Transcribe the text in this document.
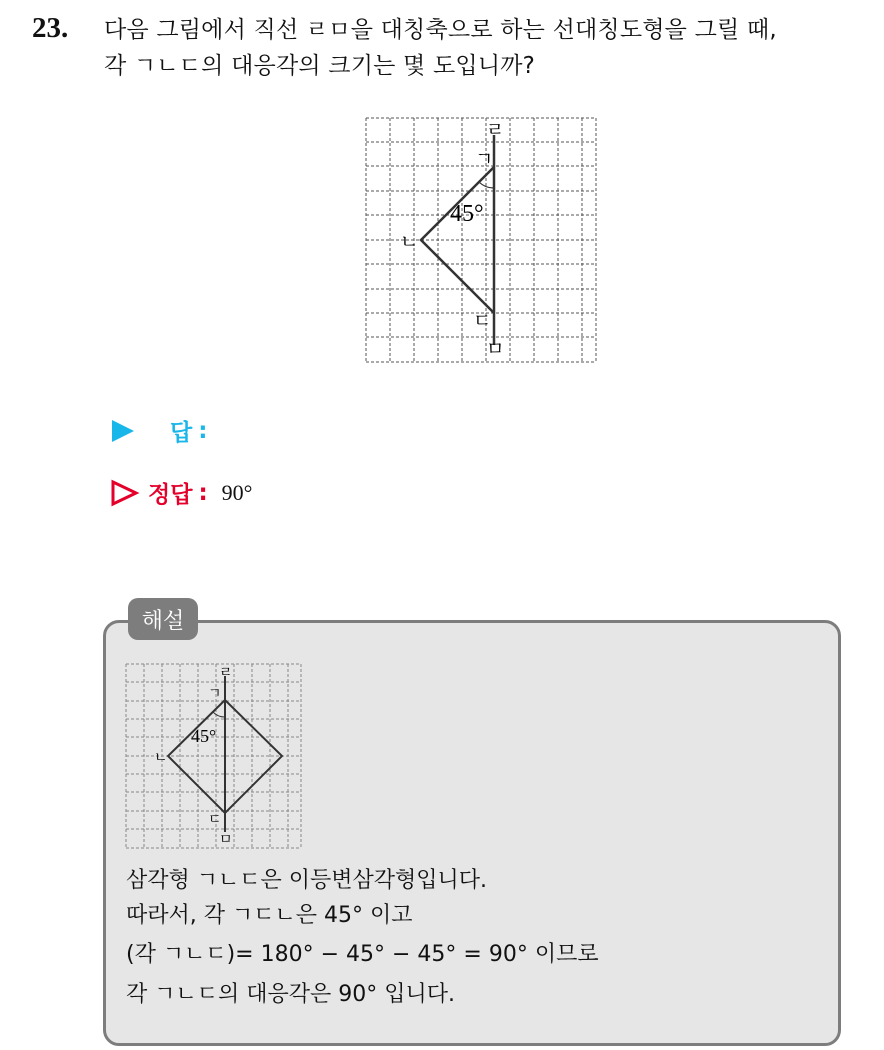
23. 다음 그림에서 직선 ㄹㅁ을 대칭축으로 하는 선대칭도형을 그릴 때,
각 ㄱㄴㄷ의 대응각의 크기는 몇 도입니까?
ㄹ
ㄱ
ㄴ
ㄷ
ㅁ
45°
답 :
정답 : 90°
해설
ㄹ
ㄱ
ㄴ
ㄷ
ㅁ
45°
삼각형 ㄱㄴㄷ은 이등변삼각형입니다.
따라서, 각 ㄱㄷㄴ은 45° 이고
(각 ㄱㄴㄷ)= 180° − 45° − 45° = 90° 이므로
각 ㄱㄴㄷ의 대응각은 90° 입니다.
